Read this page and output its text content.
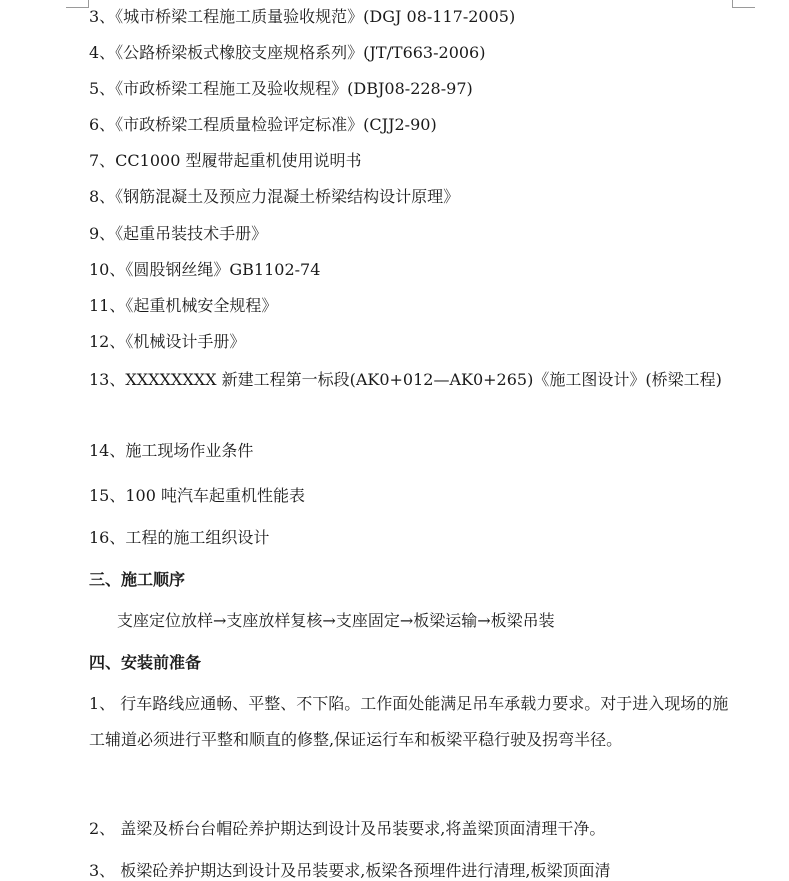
3、《城市桥梁工程施工质量验收规范》(DGJ 08-117-2005)
4、《公路桥梁板式橡胶支座规格系列》(JT/T663-2006)
5、《市政桥梁工程施工及验收规程》(DBJ08-228-97)
6、《市政桥梁工程质量检验评定标准》(CJJ2-90)
7、CC1000 型履带起重机使用说明书
8、《钢筋混凝土及预应力混凝土桥梁结构设计原理》
9、《起重吊装技术手册》
10、《圆股钢丝绳》GB1102-74
11、《起重机械安全规程》
12、《机械设计手册》
13、XXXXXXXX 新建工程第一标段(AK0+012—AK0+265)《施工图设计》(桥梁工程)
14、施工现场作业条件
15、100 吨汽车起重机性能表
16、工程的施工组织设计
三、施工顺序
支座定位放样→支座放样复核→支座固定→板梁运输→板梁吊装
四、安装前准备
1、 行车路线应通畅、平整、不下陷。工作面处能满足吊车承载力要求。对于进入现场的施工辅道必须进行平整和顺直的修整,保证运行车和板梁平稳行驶及拐弯半径。
2、 盖梁及桥台台帽砼养护期达到设计及吊装要求,将盖梁顶面清理干净。
3、 板梁砼养护期达到设计及吊装要求,板梁各预埋件进行清理,板梁顶面清
